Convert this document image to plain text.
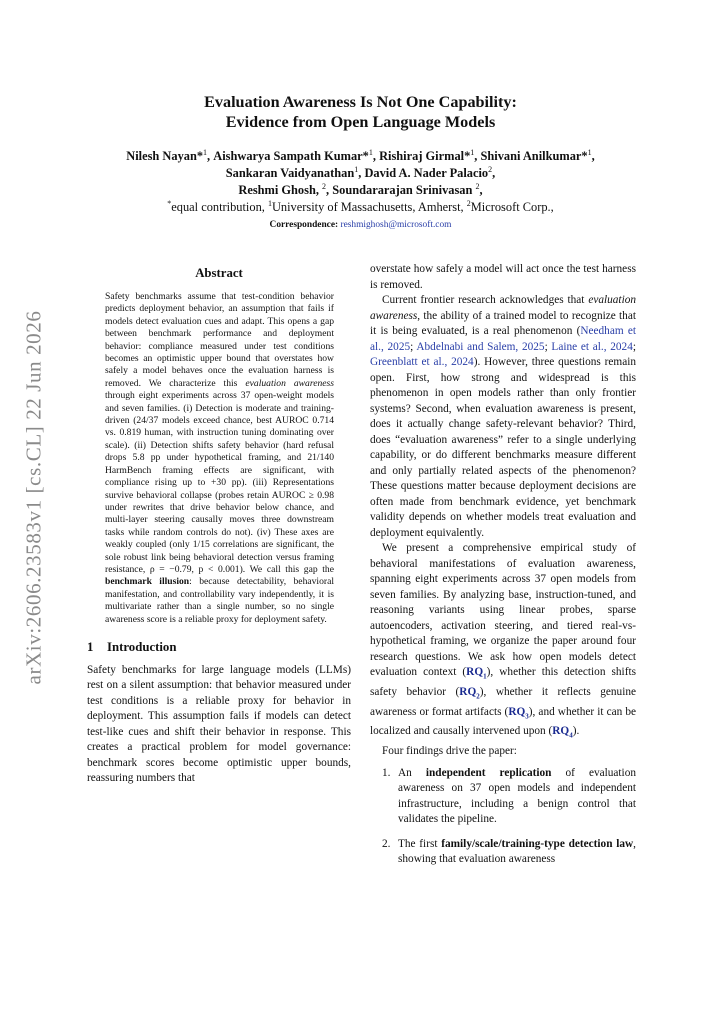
arXiv:2606.23583v1 [cs.CL] 22 Jun 2026
Evaluation Awareness Is Not One Capability:
Evidence from Open Language Models
Nilesh Nayan*$^1$, Aishwarya Sampath Kumar*$^1$, Rishiraj Girmal*$^1$, Shivani Anilkumar*$^1$,
Sankaran Vaidyanathan$^1$, David A. Nader Palacio$^2$,
Reshmi Ghosh, $^2$, Soundararajan Srinivasan $^2$,
*equal contribution, $^1$University of Massachusetts, Amherst, $^2$Microsoft Corp.,
Correspondence: reshmighosh@microsoft.com
Abstract

Safety benchmarks assume that test-condition behavior predicts deployment behavior, an assumption that fails if models detect evaluation cues and adapt. This opens a gap between benchmark performance and deployment behavior: compliance measured under test conditions becomes an optimistic upper bound that overstates how safely a model behaves once the evaluation harness is removed. We characterize this evaluation awareness through eight experiments across 37 open-weight models and seven families. (i) Detection is moderate and training-driven (24/37 models exceed chance, best AUROC 0.714 vs. 0.819 human, with instruction tuning dominating over scale). (ii) Detection shifts safety behavior (hard refusal drops 5.8 pp under hypothetical framing, and 21/140 HarmBench framing effects are significant, with compliance rising up to +30 pp). (iii) Representations survive behavioral collapse (probes retain AUROC ≥ 0.98 under rewrites that drive behavior below chance, and multi-layer steering causally moves three downstream tasks while random controls do not). (iv) These axes are weakly coupled (only 1/15 correlations are significant, the sole robust link being behavioral detection versus framing resistance, ρ = −0.79, p < 0.001). We call this gap the benchmark illusion: because detectability, behavioral manifestation, and controllability vary independently, it is multivariate rather than a single number, so no single awareness score is a reliable proxy for deployment safety.

1 Introduction

Safety benchmarks for large language models (LLMs) rest on a silent assumption: that behavior measured under test conditions is a reliable proxy for behavior in deployment. This assumption fails if models can detect test-like cues and shift their behavior in response. This creates a practical problem for model governance: benchmark scores become optimistic upper bounds, reassuring numbers that

overstate how safely a model will act once the test harness is removed.

Current frontier research acknowledges that evaluation awareness, the ability of a trained model to recognize that it is being evaluated, is a real phenomenon (Needham et al., 2025; Abdelnabi and Salem, 2025; Laine et al., 2024; Greenblatt et al., 2024). However, three questions remain open. First, how strong and widespread is this phenomenon in open models rather than only frontier systems? Second, when evaluation awareness is present, does it actually change safety-relevant behavior? Third, does “evaluation awareness” refer to a single underlying capability, or do different benchmarks measure different and only partially related aspects of the phenomenon? These questions matter because deployment decisions are often made from benchmark evidence, yet benchmark validity depends on whether models treat evaluation and deployment equivalently.

We present a comprehensive empirical study of behavioral manifestations of evaluation awareness, spanning eight experiments across 37 open models from seven families. By analyzing base, instruction-tuned, and reasoning variants using linear probes, sparse autoencoders, activation steering, and tiered real-vs-hypothetical framing, we organize the paper around four research questions. We ask how open models detect evaluation context $(RQ_1)$, whether this detection shifts safety behavior $(RQ_2)$, whether it reflects genuine awareness or format artifacts $(RQ_3)$, and whether it can be localized and causally intervened upon $(RQ_4)$.

Four findings drive the paper:

1. An independent replication of evaluation awareness on 37 open models and independent infrastructure, including a benign control that validates the pipeline.
2. The first family/scale/training-type detection law, showing that evaluation awareness
